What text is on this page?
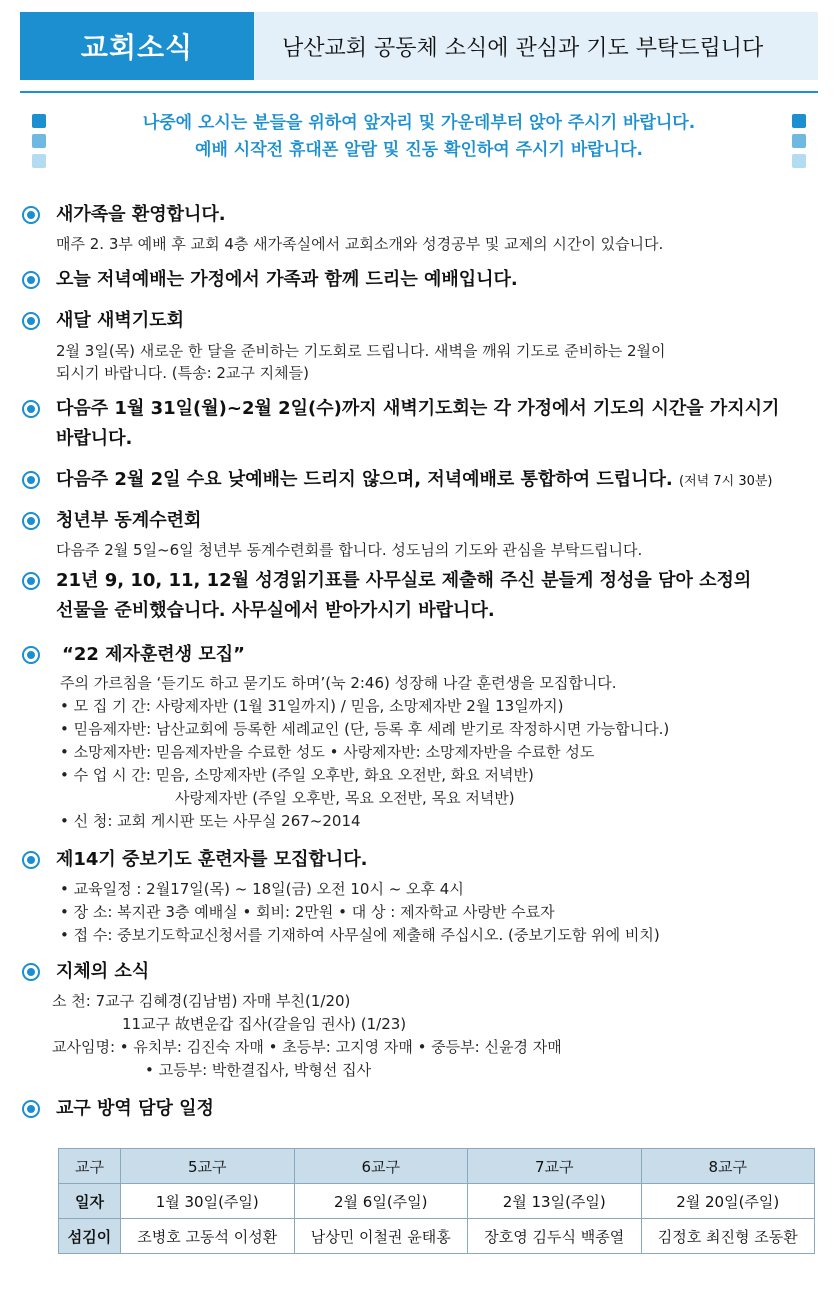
교회소식	남산교회 공동체 소식에 관심과 기도 부탁드립니다
나중에 오시는 분들을 위하여 앞자리 및 가운데부터 앉아 주시기 바랍니다.
예배 시작전 휴대폰 알람 및 진동 확인하여 주시기 바랍니다.
새가족을 환영합니다.
매주 2. 3부 예배 후 교회 4층 새가족실에서 교회소개와 성경공부 및 교제의 시간이 있습니다.
오늘 저녁예배는 가정에서 가족과 함께 드리는 예배입니다.
새달 새벽기도회
2월 3일(목) 새로운 한 달을 준비하는 기도회로 드립니다. 새벽을 깨워 기도로 준비하는 2월이
되시기 바랍니다. (특송: 2교구 지체들)
다음주 1월 31일(월)~2월 2일(수)까지 새벽기도회는 각 가정에서 기도의 시간을 가지시기
바랍니다.
다음주 2월 2일 수요 낮예배는 드리지 않으며, 저녁예배로 통합하여 드립니다. (저녁 7시 30분)
청년부 동계수련회
다음주 2월 5일~6일 청년부 동계수련회를 합니다. 성도님의 기도와 관심을 부탁드립니다.
21년 9, 10, 11, 12월 성경읽기표를 사무실로 제출해 주신 분들게 정성을 담아 소정의
선물을 준비했습니다. 사무실에서 받아가시기 바랍니다.
“22 제자훈련생 모집”
주의 가르침을 ‘듣기도 하고 묻기도 하며’(눅 2:46) 성장해 나갈 훈련생을 모집합니다.
• 모 집 기 간: 사랑제자반 (1월 31일까지) / 믿음, 소망제자반 2월 13일까지)
• 믿음제자반: 남산교회에 등록한 세례교인 (단, 등록 후 세례 받기로 작정하시면 가능합니다.)
• 소망제자반: 믿음제자반을 수료한 성도 • 사랑제자반: 소망제자반을 수료한 성도
• 수 업 시 간: 믿음, 소망제자반 (주일 오후반, 화요 오전반, 화요 저녁반)
사랑제자반 (주일 오후반, 목요 오전반, 목요 저녁반)
• 신 청: 교회 게시판 또는 사무실 267~2014
제14기 중보기도 훈련자를 모집합니다.
• 교육일정 : 2월17일(목) ~ 18일(금) 오전 10시 ~ 오후 4시
• 장 소: 복지관 3층 예배실 • 회비: 2만원 • 대 상 : 제자학교 사랑반 수료자
• 접 수: 중보기도학교신청서를 기재하여 사무실에 제출해 주십시오. (중보기도함 위에 비치)
지체의 소식
소 천: 7교구 김혜경(김남범) 자매 부친(1/20)
11교구 故변운갑 집사(갈을임 권사) (1/23)
교사임명: • 유치부: 김진숙 자매 • 초등부: 고지영 자매 • 중등부: 신윤경 자매
• 고등부: 박한결집사, 박형선 집사
교구 방역 담당 일정
교구	5교구	6교구	7교구	8교구
일자	1월 30일(주일)	2월 6일(주일)	2월 13일(주일)	2월 20일(주일)
섬김이	조병호 고동석 이성환	남상민 이철권 윤태홍	장호영 김두식 백종열	김정호 최진형 조동환
